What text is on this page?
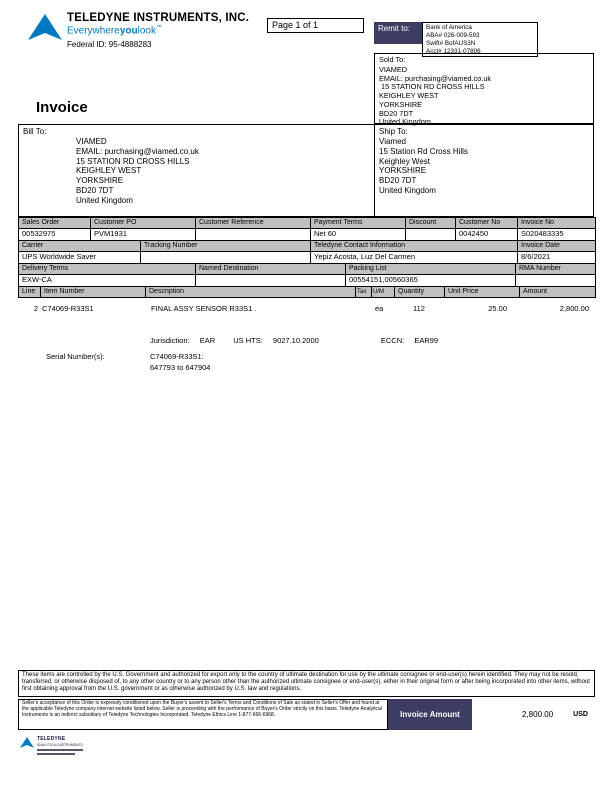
TELEDYNE INSTRUMENTS, INC.
Everywhereyoulook™
Federal ID: 95-4888283
Page 1 of 1	Remit to:	Bank of America
ABA# 026-009-593
Swift# BofAUS3N
Acct# 12331-07806
Sold To:
VIAMED
EMAIL: purchasing@viamed.co.uk
15 STATION RD CROSS HILLS
KEIGHLEY WEST
YORKSHIRE
BD20 7DT
United Kingdom
Invoice
Bill To:
VIAMED
EMAIL: purchasing@viamed.co.uk
15 STATION RD CROSS HILLS
KEIGHLEY WEST
YORKSHIRE
BD20 7DT
United Kingdom
Ship To:
Viamed
15 Station Rd Cross Hills
Keighley West
YORKSHIRE
BD20 7DT
United Kingdom
Sales Order	Customer PO	Customer Reference	Payment Terms	Discount	Customer No	Invoice No
00532975	PVM1931		Net 60		0042450	S020483335
Carrier	Tracking Number	Teledyne Contact Information	Invoice Date
UPS Worldwide Saver		Yepiz Acosta, Luz Del Carmen	8/6/2021
Delivery Terms	Named Destination	Packing List	RMA Number
EXW-CA		00554151,00560365	
Line	Item Number	Description	Tax	U/M	Quantity	Unit Price	Amount
2 C74069-R33S1	FINAL ASSY SENSOR R33S1 .	ea	112	25.00	2,800.00
Jurisdiction: EAR US HTS: 9027.10.2000	ECCN: EAR99
Serial Number(s):	C74069-R33S1:
647793 to 647904
These items are controlled by the U.S. Government and authorized for export only to the country of ultimate destination for use by the ultimate consignee or end-user(s) herein identified. They may not be resold, transferred, or otherwise disposed of, to any other country or to any person other than the authorized ultimate consignee or end-user(s), either in their original form or after being incorporated into other items, without first obtaining approval from the U.S. government or as otherwise authorized by U.S. law and regulations.
Seller's acceptance of this Order is expressly conditioned upon the Buyer's assent to Seller's Terms and Conditions of Sale as stated in Seller's Offer and found at the applicable Teledyne company internet website listed below. Seller is proceeding with the performance of Buyer's Order strictly on this basis. Teledyne Analytical Instruments is an indirect subsidiary of Teledyne Technologies Incorporated. Teledyne Ethics Line 1-877-666-6968.	Invoice Amount	2,800.00	USD
TELEDYNE
ANALYTICAL INSTRUMENTS
